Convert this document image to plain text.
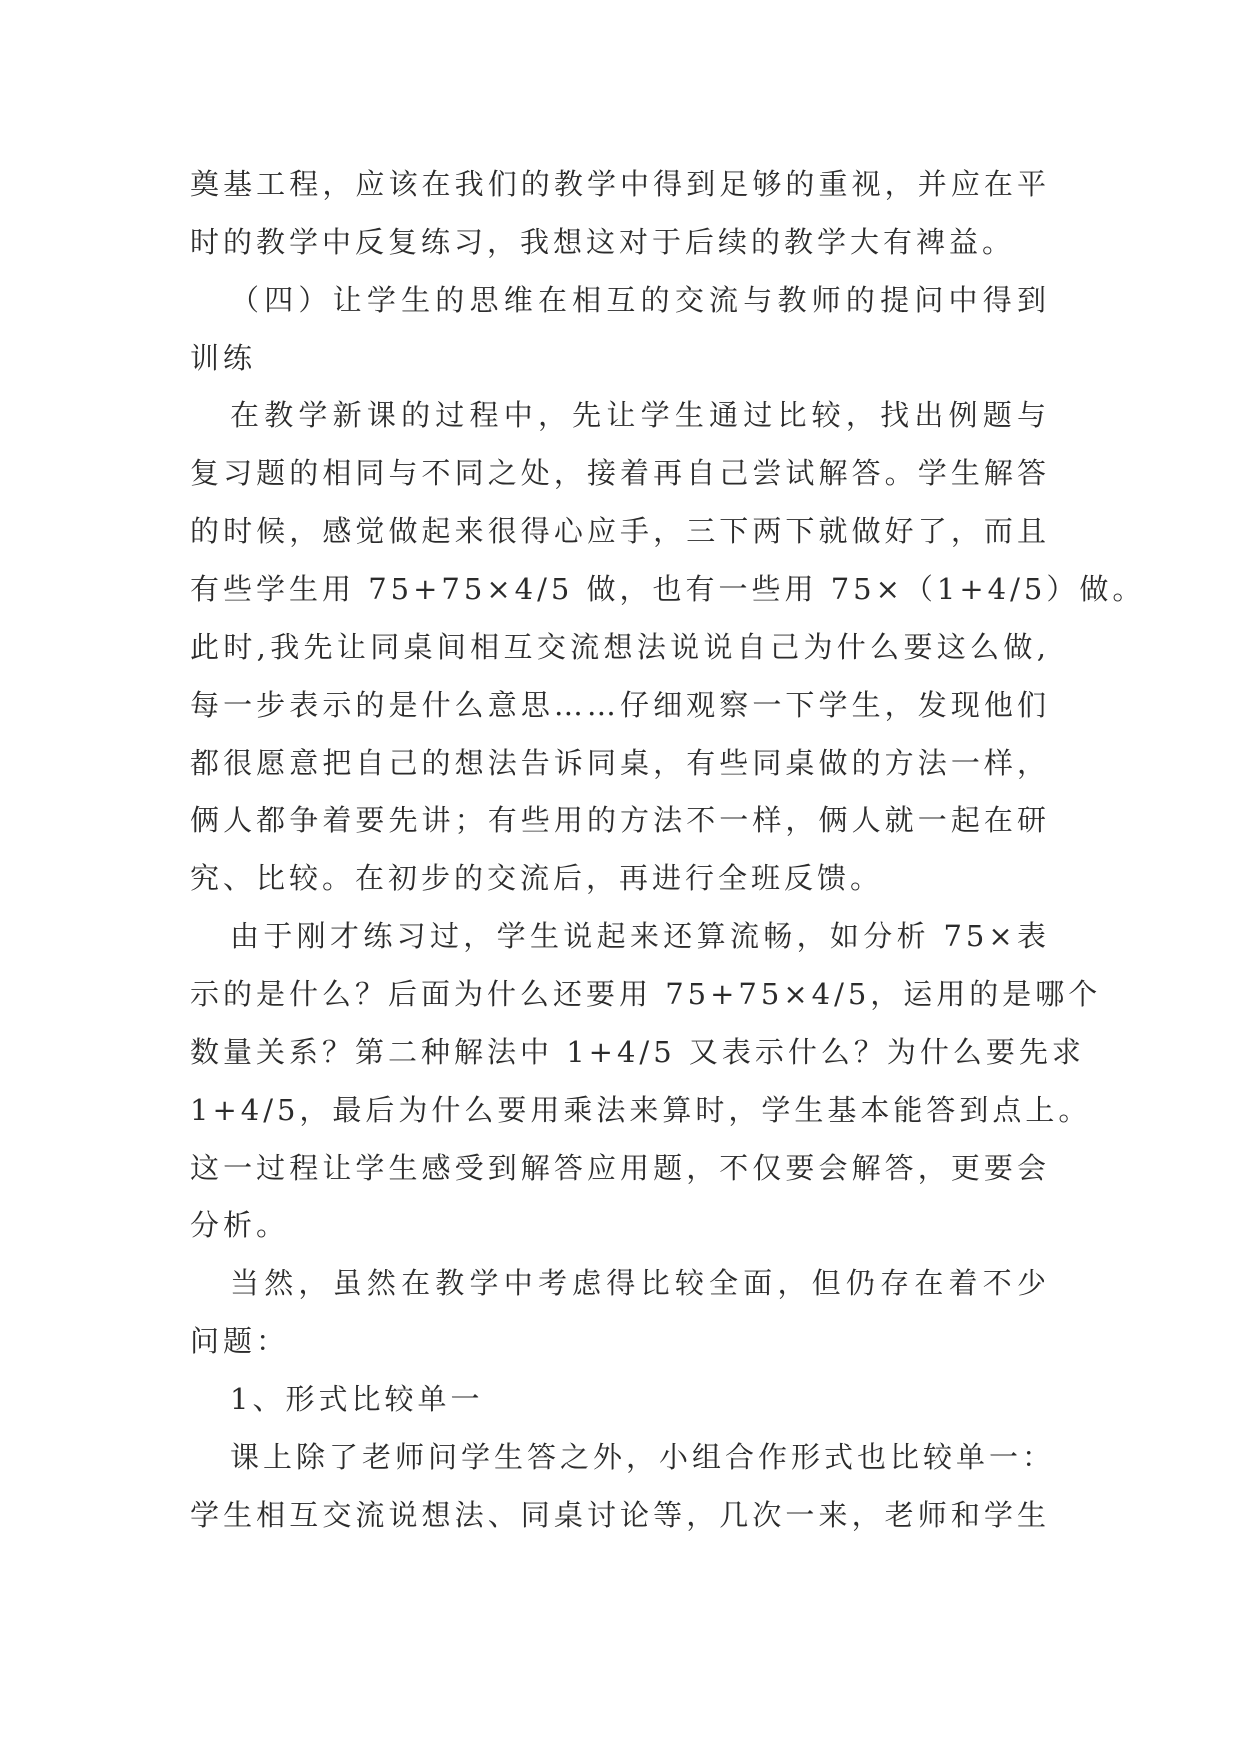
奠基工程，应该在我们的教学中得到足够的重视，并应在平
时的教学中反复练习，我想这对于后续的教学大有裨益。
（四）让学生的思维在相互的交流与教师的提问中得到
训练
在教学新课的过程中，先让学生通过比较，找出例题与
复习题的相同与不同之处，接着再自己尝试解答。学生解答
的时候，感觉做起来很得心应手，三下两下就做好了，而且
有些学生用 75+75×4/5 做，也有一些用 75×（1+4/5）做。
此时,我先让同桌间相互交流想法说说自己为什么要这么做,
每一步表示的是什么意思……仔细观察一下学生，发现他们
都很愿意把自己的想法告诉同桌，有些同桌做的方法一样，
俩人都争着要先讲；有些用的方法不一样，俩人就一起在研
究、比较。在初步的交流后，再进行全班反馈。
由于刚才练习过，学生说起来还算流畅，如分析 75×表
示的是什么？后面为什么还要用 75+75×4/5，运用的是哪个
数量关系？第二种解法中 1+4/5 又表示什么？为什么要先求
1+4/5，最后为什么要用乘法来算时，学生基本能答到点上。
这一过程让学生感受到解答应用题，不仅要会解答，更要会
分析。
当然，虽然在教学中考虑得比较全面，但仍存在着不少
问题：
1、形式比较单一
课上除了老师问学生答之外，小组合作形式也比较单一：
学生相互交流说想法、同桌讨论等，几次一来，老师和学生
